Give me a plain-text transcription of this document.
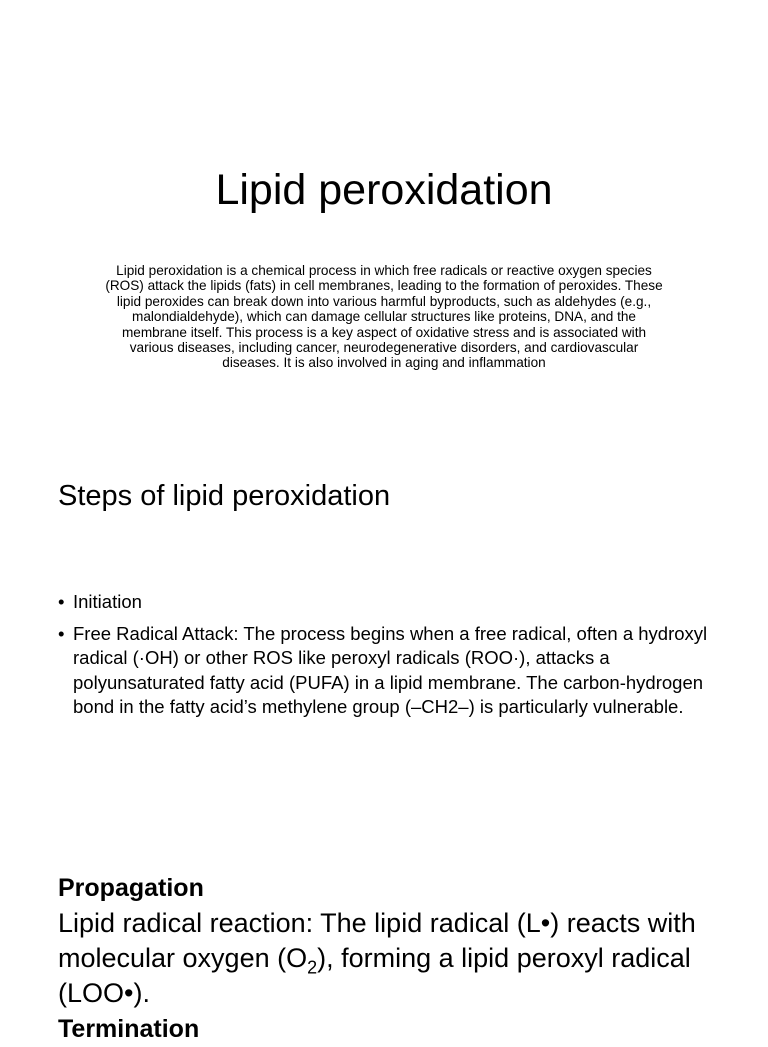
Lipid peroxidation

Lipid peroxidation is a chemical process in which free radicals or reactive oxygen species (ROS) attack the lipids (fats) in cell membranes, leading to the formation of peroxides. These lipid peroxides can break down into various harmful byproducts, such as aldehydes (e.g., malondialdehyde), which can damage cellular structures like proteins, DNA, and the membrane itself. This process is a key aspect of oxidative stress and is associated with various diseases, including cancer, neurodegenerative disorders, and cardiovascular diseases. It is also involved in aging and inflammation

Steps of lipid peroxidation
• Initiation
• Free Radical Attack: The process begins when a free radical, often a hydroxyl radical (·OH) or other ROS like peroxyl radicals (ROO·), attacks a polyunsaturated fatty acid (PUFA) in a lipid membrane. The carbon-hydrogen bond in the fatty acid’s methylene group (–CH2–) is particularly vulnerable.

Propagation

Lipid radical reaction: The lipid radical (L•) reacts with molecular oxygen $(O_2)$, forming a lipid peroxyl radical (LOO•).

Termination
